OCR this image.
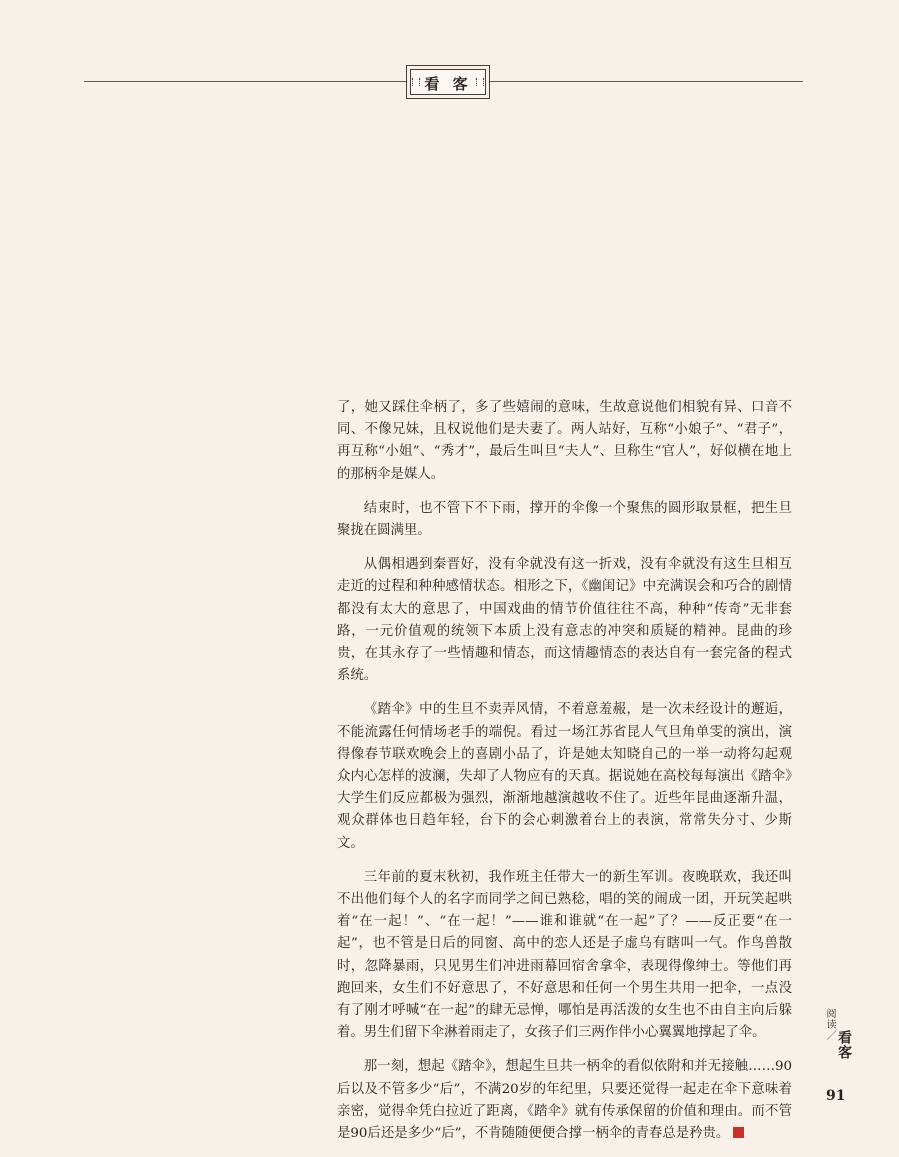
看 客

了，她又踩住伞柄了，多了些嬉闹的意味，生故意说他们相貌有异、口音不同、不像兄妹，且权说他们是夫妻了。两人站好，互称“小娘子”、“君子”，再互称“小姐”、“秀才”，最后生叫旦“夫人”、旦称生“官人”，好似横在地上的那柄伞是媒人。

结束时，也不管下不下雨，撑开的伞像一个聚焦的圆形取景框，把生旦聚拢在圆满里。

从偶相遇到秦晋好，没有伞就没有这一折戏，没有伞就没有这生旦相互走近的过程和种种感情状态。相形之下，《幽闺记》中充满误会和巧合的剧情都没有太大的意思了，中国戏曲的情节价值往往不高，种种“传奇”无非套路，一元价值观的统领下本质上没有意志的冲突和质疑的精神。昆曲的珍贵，在其永存了一些情趣和情态，而这情趣情态的表达自有一套完备的程式系统。

《踏伞》中的生旦不卖弄风情，不着意羞赧，是一次未经设计的邂逅，不能流露任何情场老手的端倪。看过一场江苏省昆人气旦角单雯的演出，演得像春节联欢晚会上的喜剧小品了，许是她太知晓自己的一举一动将勾起观众内心怎样的波澜，失却了人物应有的天真。据说她在高校每每演出《踏伞》大学生们反应都极为强烈，渐渐地越演越收不住了。近些年昆曲逐渐升温，观众群体也日趋年轻，台下的会心刺激着台上的表演，常常失分寸、少斯文。

三年前的夏末秋初，我作班主任带大一的新生军训。夜晚联欢，我还叫不出他们每个人的名字而同学之间已熟稔，唱的笑的闹成一团，开玩笑起哄着“在一起！”、“在一起！”——谁和谁就“在一起”了？——反正要“在一起”，也不管是日后的同窗、高中的恋人还是子虚乌有瞎叫一气。作鸟兽散时，忽降暴雨，只见男生们冲进雨幕回宿舍拿伞，表现得像绅士。等他们再跑回来，女生们不好意思了，不好意思和任何一个男生共用一把伞，一点没有了刚才呼喊“在一起”的肆无忌惮，哪怕是再活泼的女生也不由自主向后躲着。男生们留下伞淋着雨走了，女孩子们三两作伴小心翼翼地撑起了伞。

那一刻，想起《踏伞》，想起生旦共一柄伞的看似依附和并无接触……90后以及不管多少“后”，不满20岁的年纪里，只要还觉得一起走在伞下意味着亲密，觉得伞凭白拉近了距离，《踏伞》就有传承保留的价值和理由。而不管是90后还是多少“后”，不肯随随便便合撑一柄伞的青春总是矜贵。

阅读／
看客
91
